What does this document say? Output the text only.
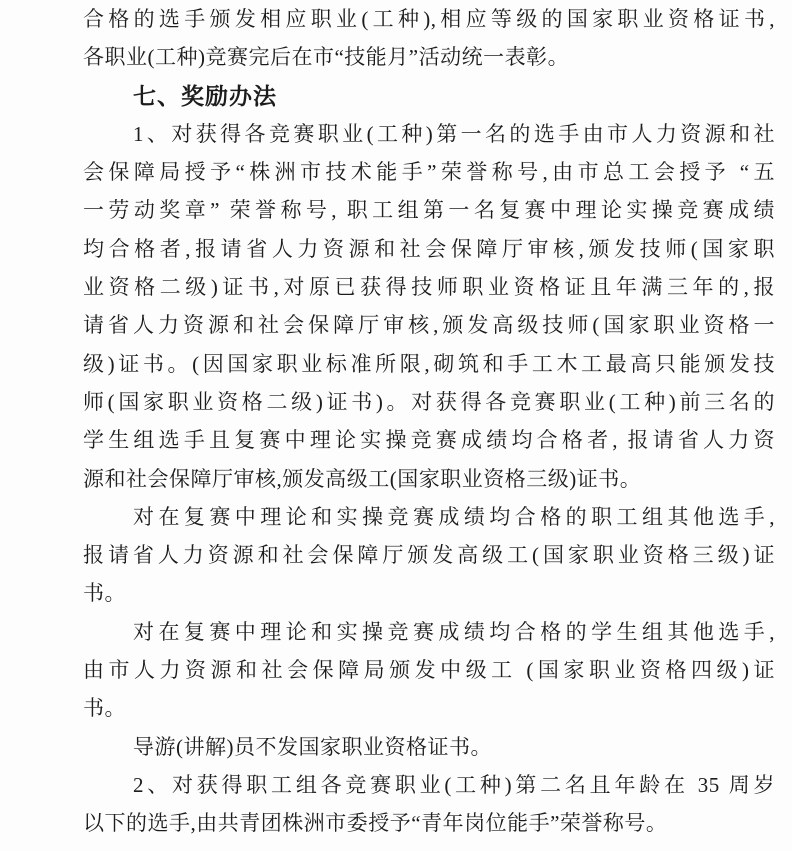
合格的选手颁发相应职业(工种),相应等级的国家职业资格证书,
各职业(工种)竞赛完后在市“技能月”活动统一表彰。
七、奖励办法
1、对获得各竞赛职业(工种)第一名的选手由市人力资源和社
会保障局授予“株洲市技术能手”荣誉称号,由市总工会授予 “五
一劳动奖章” 荣誉称号, 职工组第一名复赛中理论实操竞赛成绩
均合格者,报请省人力资源和社会保障厅审核,颁发技师(国家职
业资格二级)证书,对原已获得技师职业资格证且年满三年的,报
请省人力资源和社会保障厅审核,颁发高级技师(国家职业资格一
级)证书。(因国家职业标准所限,砌筑和手工木工最高只能颁发技
师(国家职业资格二级)证书)。对获得各竞赛职业(工种)前三名的
学生组选手且复赛中理论实操竞赛成绩均合格者, 报请省人力资
源和社会保障厅审核,颁发高级工(国家职业资格三级)证书。
对在复赛中理论和实操竞赛成绩均合格的职工组其他选手,
报请省人力资源和社会保障厅颁发高级工(国家职业资格三级)证
书。
对在复赛中理论和实操竞赛成绩均合格的学生组其他选手,
由市人力资源和社会保障局颁发中级工 (国家职业资格四级)证
书。
导游(讲解)员不发国家职业资格证书。
2、对获得职工组各竞赛职业(工种)第二名且年龄在 35 周岁
以下的选手,由共青团株洲市委授予“青年岗位能手”荣誉称号。
